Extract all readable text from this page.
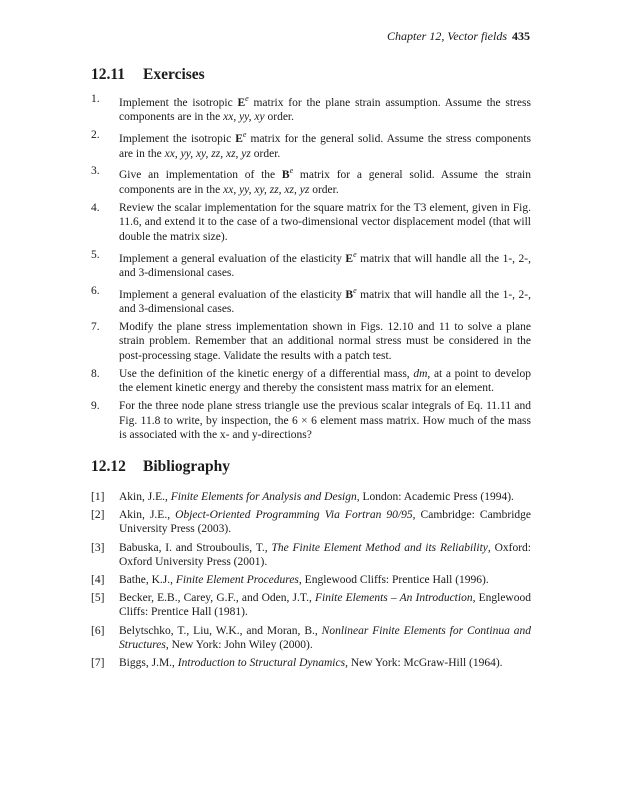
Chapter 12, Vector fields 435
12.11 Exercises
1. Implement the isotropic $E^e$ matrix for the plane strain assumption. Assume the stress components are in the xx, yy, xy order.
2. Implement the isotropic $E^e$ matrix for the general solid. Assume the stress components are in the xx, yy, xy, zz, xz, yz order.
3. Give an implementation of the $B^e$ matrix for a general solid. Assume the strain components are in the xx, yy, xy, zz, xz, yz order.
4. Review the scalar implementation for the square matrix for the T3 element, given in Fig. 11.6, and extend it to the case of a two-dimensional vector displacement model (that will double the matrix size).
5. Implement a general evaluation of the elasticity $E^e$ matrix that will handle all the 1-, 2-, and 3-dimensional cases.
6. Implement a general evaluation of the elasticity $B^e$ matrix that will handle all the 1-, 2-, and 3-dimensional cases.
7. Modify the plane stress implementation shown in Figs. 12.10 and 11 to solve a plane strain problem. Remember that an additional normal stress must be considered in the post-processing stage. Validate the results with a patch test.
8. Use the definition of the kinetic energy of a differential mass, dm, at a point to develop the element kinetic energy and thereby the consistent mass matrix for an element.
9. For the three node plane stress triangle use the previous scalar integrals of Eq. 11.11 and Fig. 11.8 to write, by inspection, the 6 × 6 element mass matrix. How much of the mass is associated with the x- and y-directions?
12.12 Bibliography
[1] Akin, J.E., Finite Elements for Analysis and Design, London: Academic Press (1994).
[2] Akin, J.E., Object-Oriented Programming Via Fortran 90/95, Cambridge: Cambridge University Press (2003).
[3] Babuska, I. and Strouboulis, T., The Finite Element Method and its Reliability, Oxford: Oxford University Press (2001).
[4] Bathe, K.J., Finite Element Procedures, Englewood Cliffs: Prentice Hall (1996).
[5] Becker, E.B., Carey, G.F., and Oden, J.T., Finite Elements – An Introduction, Englewood Cliffs: Prentice Hall (1981).
[6] Belytschko, T., Liu, W.K., and Moran, B., Nonlinear Finite Elements for Continua and Structures, New York: John Wiley (2000).
[7] Biggs, J.M., Introduction to Structural Dynamics, New York: McGraw-Hill (1964).
